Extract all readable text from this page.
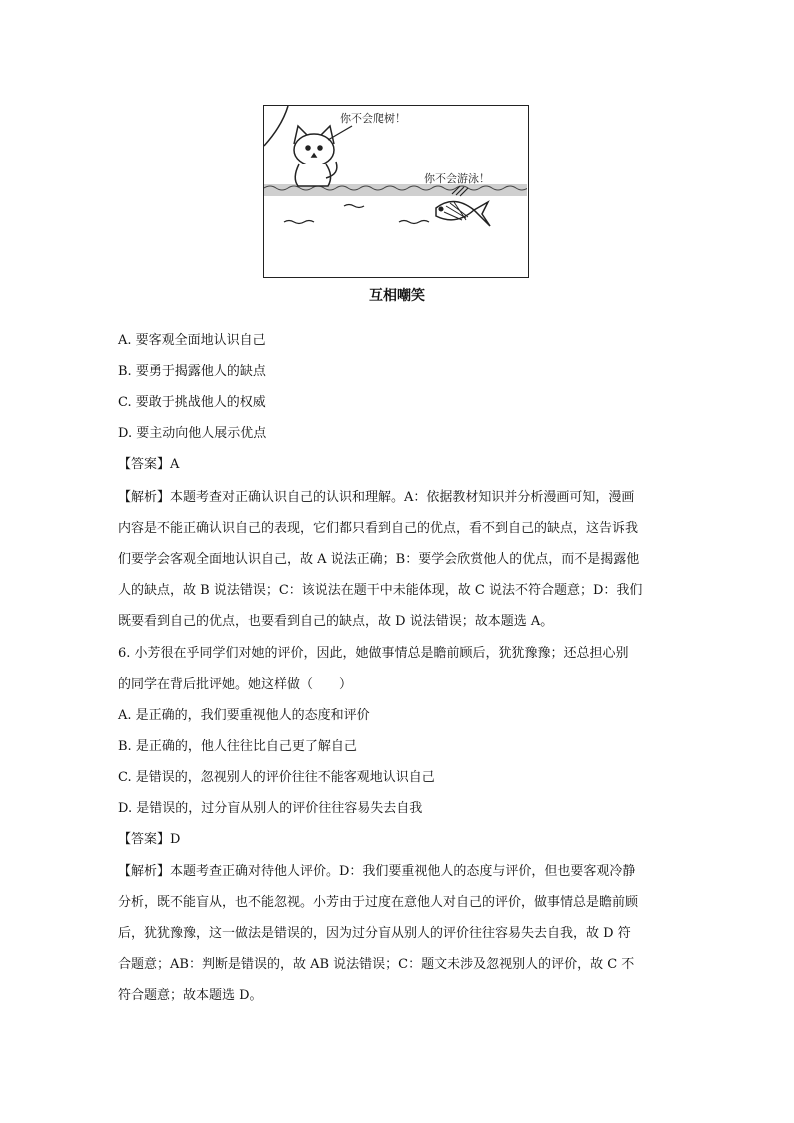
你不会爬树！
你不会游泳！
互相嘲笑
A. 要客观全面地认识自己
B. 要勇于揭露他人的缺点
C. 要敢于挑战他人的权威
D. 要主动向他人展示优点
【答案】A
【解析】本题考查对正确认识自己的认识和理解。A：依据教材知识并分析漫画可知，漫画
内容是不能正确认识自己的表现，它们都只看到自己的优点，看不到自己的缺点，这告诉我
们要学会客观全面地认识自己，故 A 说法正确；B：要学会欣赏他人的优点，而不是揭露他
人的缺点，故 B 说法错误；C：该说法在题干中未能体现，故 C 说法不符合题意；D：我们
既要看到自己的优点，也要看到自己的缺点，故 D 说法错误；故本题选 A。
6. 小芳很在乎同学们对她的评价，因此，她做事情总是瞻前顾后，犹犹豫豫；还总担心别
的同学在背后批评她。她这样做（　　）
A. 是正确的，我们要重视他人的态度和评价
B. 是正确的，他人往往比自己更了解自己
C. 是错误的，忽视别人的评价往往不能客观地认识自己
D. 是错误的，过分盲从别人的评价往往容易失去自我
【答案】D
【解析】本题考查正确对待他人评价。D：我们要重视他人的态度与评价，但也要客观冷静
分析，既不能盲从，也不能忽视。小芳由于过度在意他人对自己的评价，做事情总是瞻前顾
后，犹犹豫豫，这一做法是错误的，因为过分盲从别人的评价往往容易失去自我，故 D 符
合题意；AB：判断是错误的，故 AB 说法错误；C：题文未涉及忽视别人的评价，故 C 不
符合题意；故本题选 D。
